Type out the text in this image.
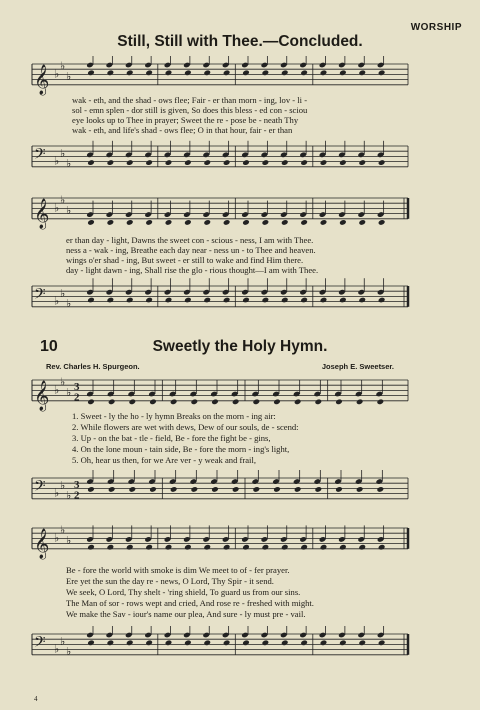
WORSHIP
Still, Still with Thee.—Concluded.
𝄞 ♭
♭
♭
wak - eth, and the shad - ows flee; Fair - er than morn - ing, lov - li -
sol - emn splen - dor still is given, So does this bless - ed con - sciou
eye looks up to Thee in prayer; Sweet the re - pose be - neath Thy
wak - eth, and life's shad - ows flee; O in that hour, fair - er than
𝄢 ♭
♭
♭
𝄞 ♭
♭
♭
er than day - light, Dawns the sweet con - scious - ness, I am with Thee.
ness a - wak - ing, Breathe each day near - ness un - to Thee and heaven.
wings o'er shad - ing, But sweet - er still to wake and find Him there.
day - light dawn - ing, Shall rise the glo - rious thought—I am with Thee.
𝄢 ♭
♭
♭
10	Sweetly the Holy Hymn.
Rev. Charles H. Spurgeon.	Joseph E. Sweetser.
𝄞 ♭
♭
♭ 3
2
1. Sweet - ly the ho - ly hymn Breaks on the morn - ing air:
2. While flowers are wet with dews, Dew of our souls, de - scend:
3. Up - on the bat - tle - field, Be - fore the fight be - gins,
4. On the lone moun - tain side, Be - fore the morn - ing's light,
5. Oh, hear us then, for we Are ver - y weak and frail,
𝄢 ♭
♭
♭
3
2
𝄞 ♭
♭
♭
Be - fore the world with smoke is dim We meet to of - fer prayer.
Ere yet the sun the day re - news, O Lord, Thy Spir - it send.
We seek, O Lord, Thy shelt - 'ring shield, To guard us from our sins.
The Man of sor - rows wept and cried, And rose re - freshed with might.
We make the Sav - iour's name our plea, And sure - ly must pre - vail.
𝄢 ♭
♭
♭
4
